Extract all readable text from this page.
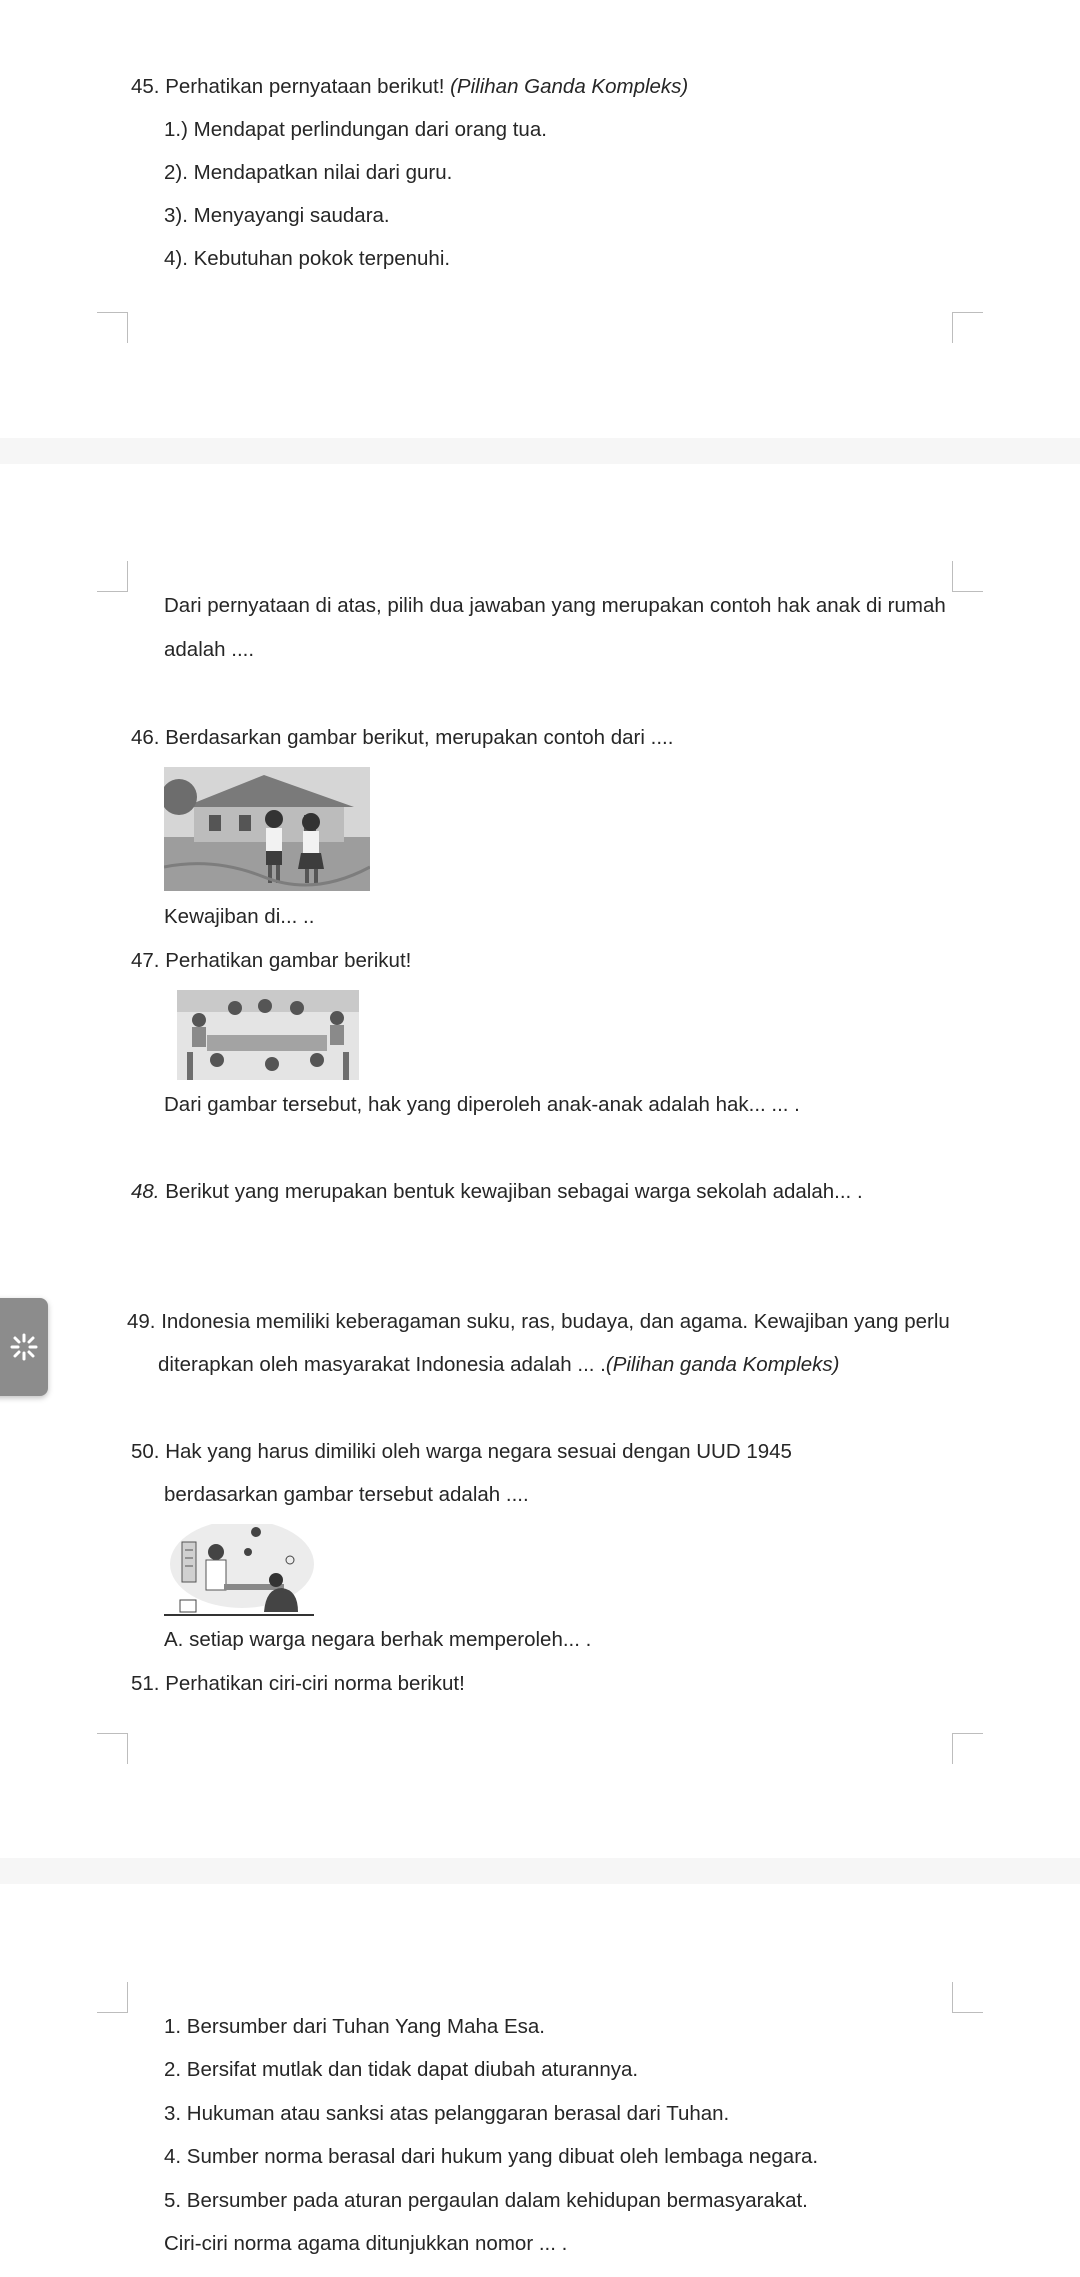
45. Perhatikan pernyataan berikut! (Pilihan Ganda Kompleks)
1.) Mendapat perlindungan dari orang tua.
2). Mendapatkan nilai dari guru.
3). Menyayangi saudara.
4). Kebutuhan pokok terpenuhi.
Dari pernyataan di atas, pilih dua jawaban yang merupakan contoh hak anak di rumah
adalah ....
46. Berdasarkan gambar berikut, merupakan contoh dari ....
Kewajiban di... ..
47. Perhatikan gambar berikut!
Dari gambar tersebut, hak yang diperoleh anak-anak adalah hak... ... .
48. Berikut yang merupakan bentuk kewajiban sebagai warga sekolah adalah... .
49. Indonesia memiliki keberagaman suku, ras, budaya, dan agama. Kewajiban yang perlu
diterapkan oleh masyarakat Indonesia adalah ... .(Pilihan ganda Kompleks)
50. Hak yang harus dimiliki oleh warga negara sesuai dengan UUD 1945
berdasarkan gambar tersebut adalah ....
A. setiap warga negara berhak memperoleh... .
51. Perhatikan ciri-ciri norma berikut!
1. Bersumber dari Tuhan Yang Maha Esa.
2. Bersifat mutlak dan tidak dapat diubah aturannya.
3. Hukuman atau sanksi atas pelanggaran berasal dari Tuhan.
4. Sumber norma berasal dari hukum yang dibuat oleh lembaga negara.
5. Bersumber pada aturan pergaulan dalam kehidupan bermasyarakat.
Ciri-ciri norma agama ditunjukkan nomor ... .
